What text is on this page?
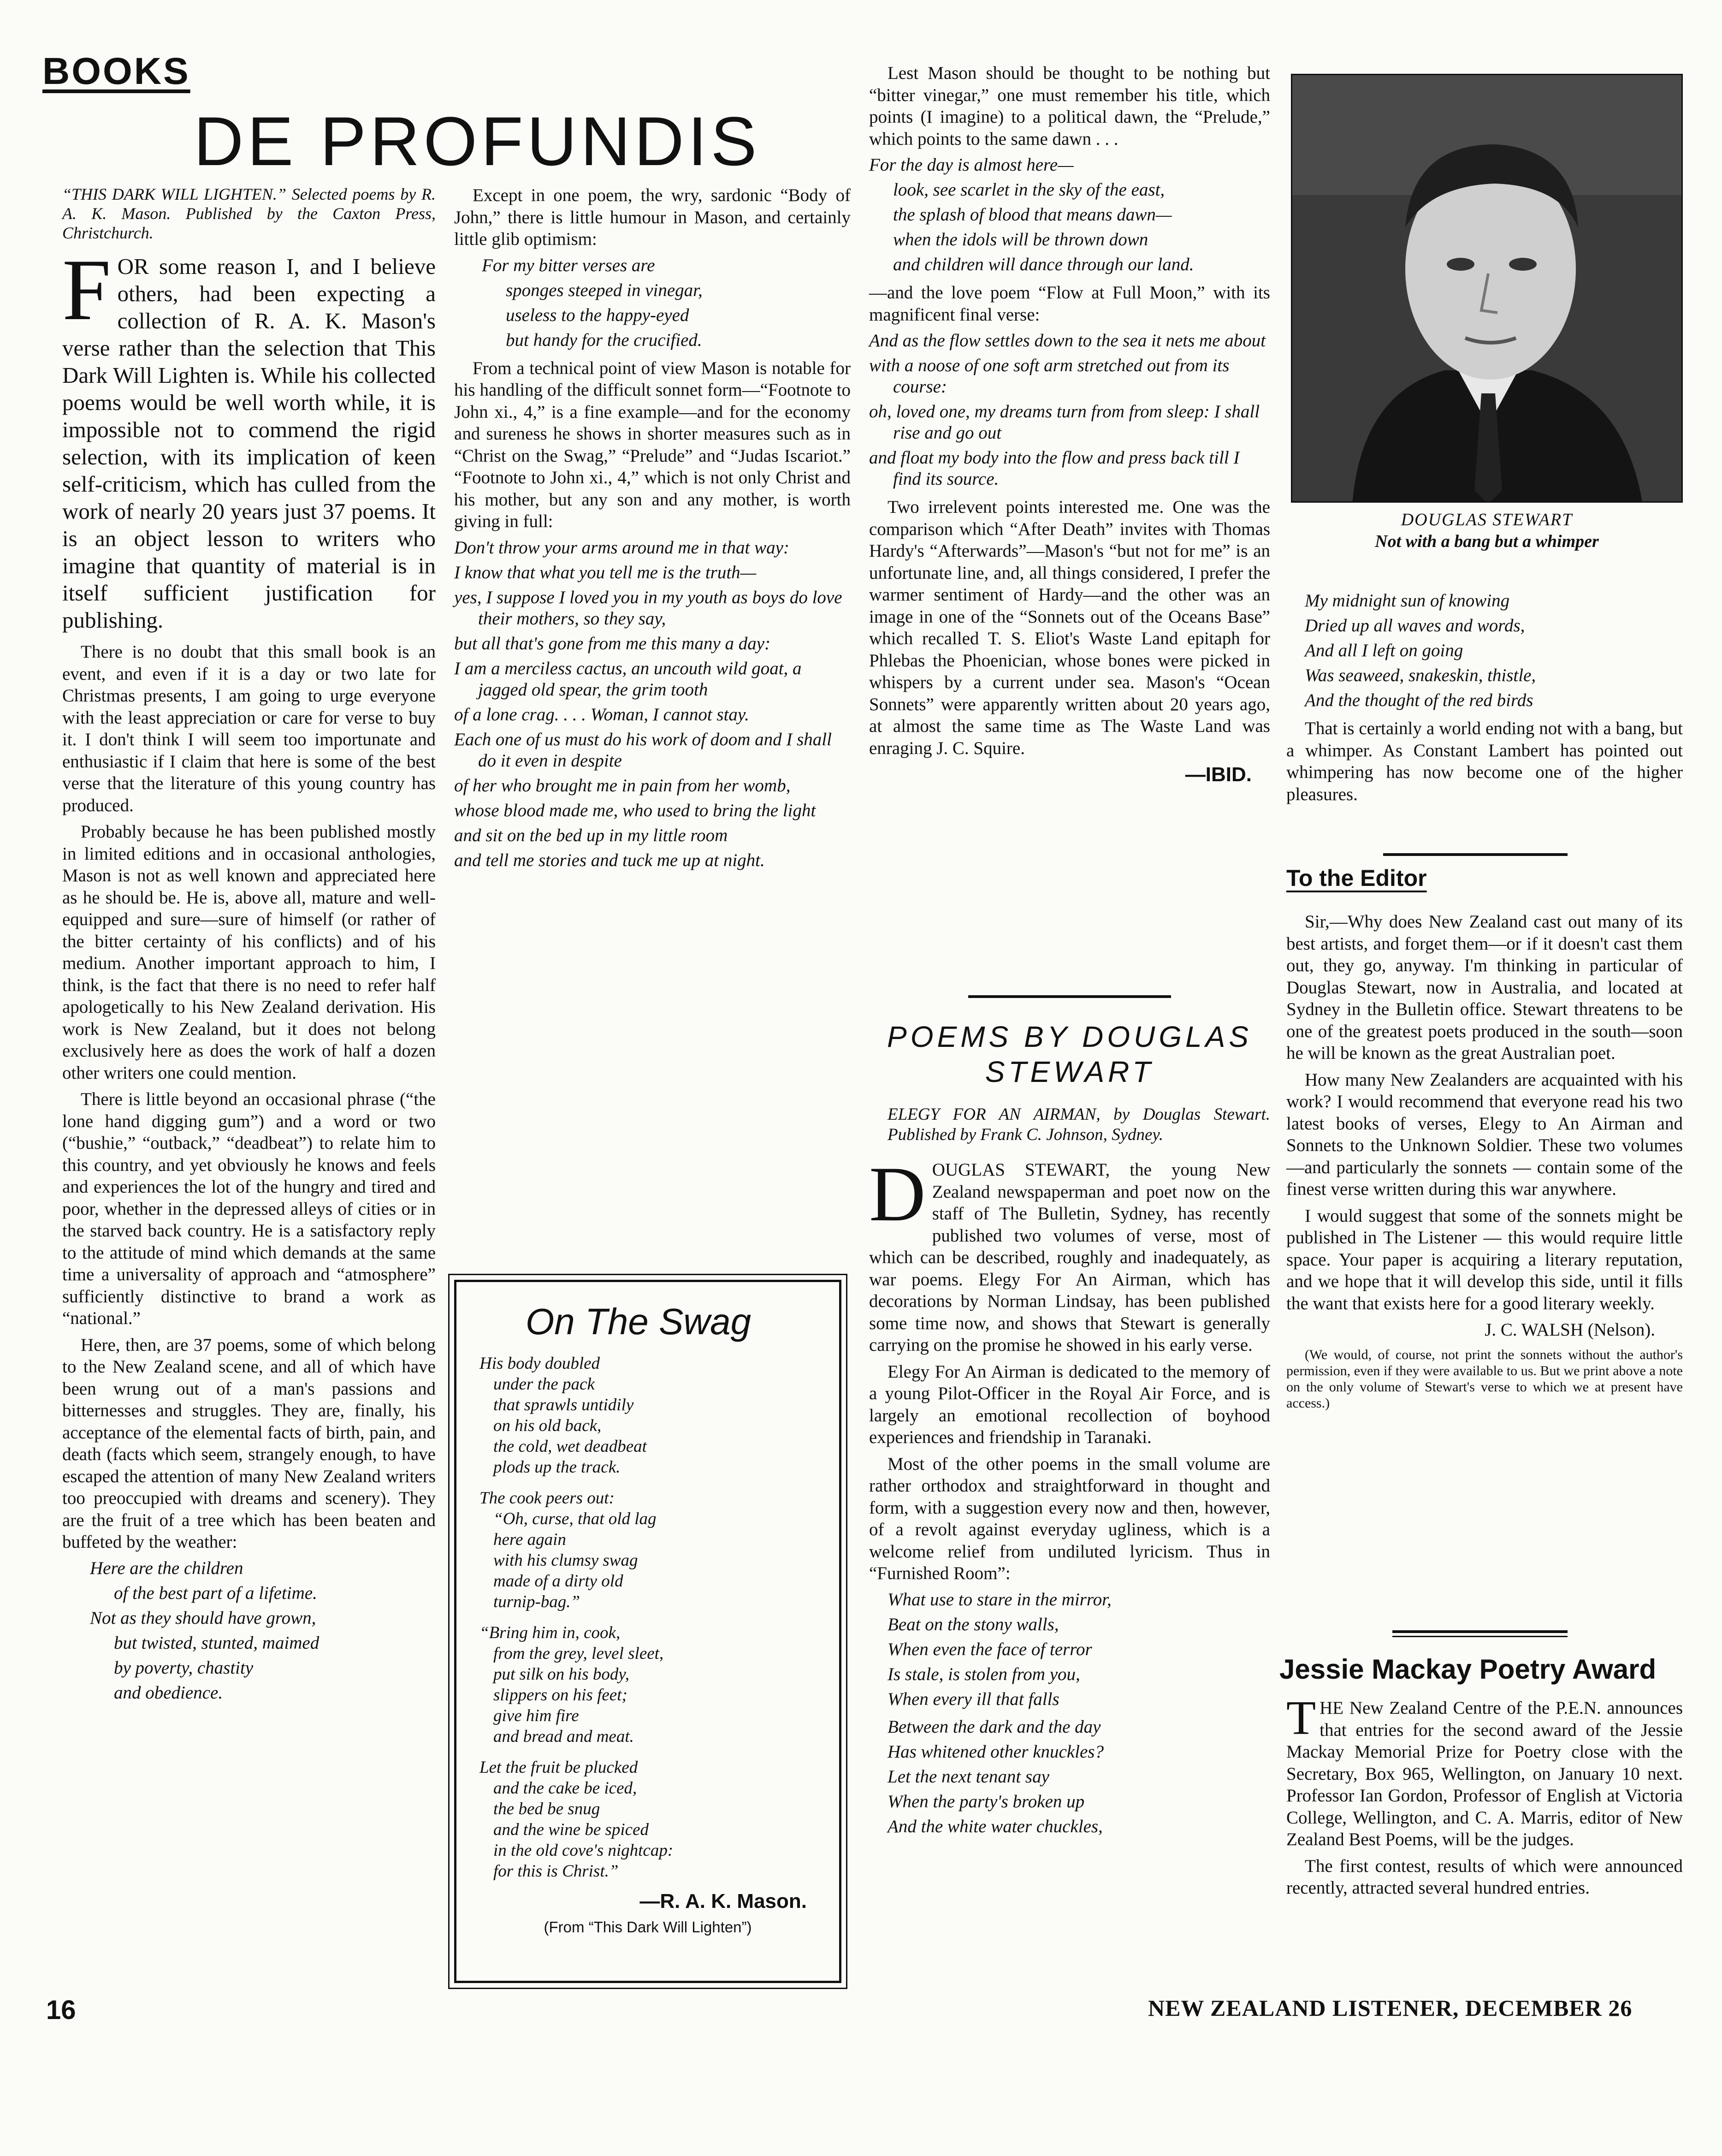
BOOKS
DE PROFUNDIS

“THIS DARK WILL LIGHTEN.” Selected poems by R. A. K. Mason. Published by the Caxton Press, Christchurch.

F OR some reason I, and I believe others, had been expecting a collection of R. A. K. Mason's verse rather than the selection that This Dark Will Lighten is. While his collected poems would be well worth while, it is impossible not to commend the rigid selection, with its implication of keen self-criticism, which has culled from the work of nearly 20 years just 37 poems. It is an object lesson to writers who imagine that quantity of material is in itself sufficient justification for publishing.

There is no doubt that this small book is an event, and even if it is a day or two late for Christmas presents, I am going to urge everyone with the least appreciation or care for verse to buy it. I don't think I will seem too importunate and enthusiastic if I claim that here is some of the best verse that the literature of this young country has produced.

Probably because he has been published mostly in limited editions and in occasional anthologies, Mason is not as well known and appreciated here as he should be. He is, above all, mature and well-equipped and sure—sure of himself (or rather of the bitter certainty of his conflicts) and of his medium. Another important approach to him, I think, is the fact that there is no need to refer half apologetically to his New Zealand derivation. His work is New Zealand, but it does not belong exclusively here as does the work of half a dozen other writers one could mention.

There is little beyond an occasional phrase (“the lone hand digging gum”) and a word or two (“bushie,” “outback,” “deadbeat”) to relate him to this country, and yet obviously he knows and feels and experiences the lot of the hungry and tired and poor, whether in the depressed alleys of cities or in the starved back country. He is a satisfactory reply to the attitude of mind which demands at the same time a universality of approach and “atmosphere” sufficiently distinctive to brand a work as “national.”

Here, then, are 37 poems, some of which belong to the New Zealand scene, and all of which have been wrung out of a man's passions and bitternesses and struggles. They are, finally, his acceptance of the elemental facts of birth, pain, and death (facts which seem, strangely enough, to have escaped the attention of many New Zealand writers too preoccupied with dreams and scenery). They are the fruit of a tree which has been beaten and buffeted by the weather:

Here are the children
of the best part of a lifetime.
Not as they should have grown,
but twisted, stunted, maimed
by poverty, chastity
and obedience.

Except in one poem, the wry, sardonic “Body of John,” there is little humour in Mason, and certainly little glib optimism:

For my bitter verses are
sponges steeped in vinegar,
useless to the happy-eyed
but handy for the crucified.

From a technical point of view Mason is notable for his handling of the difficult sonnet form—“Footnote to John xi., 4,” is a fine example—and for the economy and sureness he shows in shorter measures such as in “Christ on the Swag,” “Prelude” and “Judas Iscariot.” “Footnote to John xi., 4,” which is not only Christ and his mother, but any son and any mother, is worth giving in full:

Don't throw your arms around me in that way:
I know that what you tell me is the truth—
yes, I suppose I loved you in my youth as boys do love their mothers, so they say,
but all that's gone from me this many a day:
I am a merciless cactus, an uncouth wild goat, a jagged old spear, the grim tooth
of a lone crag. . . . Woman, I cannot stay.
Each one of us must do his work of doom and I shall do it even in despite
of her who brought me in pain from her womb,
whose blood made me, who used to bring the light
and sit on the bed up in my little room
and tell me stories and tuck me up at night.
On The Swag
His body doubled
under the pack
that sprawls untidily
on his old back,
the cold, wet deadbeat
plods up the track.
The cook peers out:
“Oh, curse, that old lag
here again
with his clumsy swag
made of a dirty old
turnip-bag.”
“Bring him in, cook,
from the grey, level sleet,
put silk on his body,
slippers on his feet;
give him fire
and bread and meat.
Let the fruit be plucked
and the cake be iced,
the bed be snug
and the wine be spiced
in the old cove's nightcap:
for this is Christ.”
—R. A. K. Mason.
(From “This Dark Will Lighten”)

Lest Mason should be thought to be nothing but “bitter vinegar,” one must remember his title, which points (I imagine) to a political dawn, the “Prelude,” which points to the same dawn . . .

For the day is almost here—
look, see scarlet in the sky of the east,
the splash of blood that means dawn—
when the idols will be thrown down
and children will dance through our land.

—and the love poem “Flow at Full Moon,” with its magnificent final verse:

And as the flow settles down to the sea it nets me about
with a noose of one soft arm stretched out from its course:
oh, loved one, my dreams turn from from sleep: I shall rise and go out
and float my body into the flow and press back till I find its source.

Two irrelevent points interested me. One was the comparison which “After Death” invites with Thomas Hardy's “Afterwards”—Mason's “but not for me” is an unfortunate line, and, all things considered, I prefer the warmer sentiment of Hardy—and the other was an image in one of the “Sonnets out of the Oceans Base” which recalled T. S. Eliot's Waste Land epitaph for Phlebas the Phoenician, whose bones were picked in whispers by a current under sea. Mason's “Ocean Sonnets” were apparently written about 20 years ago, at almost the same time as The Waste Land was enraging J. C. Squire.

—IBID.
POEMS BY DOUGLAS STEWART

ELEGY FOR AN AIRMAN, by Douglas Stewart. Published by Frank C. Johnson, Sydney.

D OUGLAS STEWART, the young New Zealand newspaperman and poet now on the staff of The Bulletin, Sydney, has recently published two volumes of verse, most of which can be described, roughly and inadequately, as war poems. Elegy For An Airman, which has decorations by Norman Lindsay, has been published some time now, and shows that Stewart is generally carrying on the promise he showed in his early verse.

Elegy For An Airman is dedicated to the memory of a young Pilot-Officer in the Royal Air Force, and is largely an emotional recollection of boyhood experiences and friendship in Taranaki.

Most of the other poems in the small volume are rather orthodox and straightforward in thought and form, with a suggestion every now and then, however, of a revolt against everyday ugliness, which is a welcome relief from undiluted lyricism. Thus in “Furnished Room”:

What use to stare in the mirror,
Beat on the stony walls,
When even the face of terror
Is stale, is stolen from you,
When every ill that falls
Between the dark and the day
Has whitened other knuckles?
Let the next tenant say
When the party's broken up
And the white water chuckles,
DOUGLAS STEWART
Not with a bang but a whimper
My midnight sun of knowing
Dried up all waves and words,
And all I left on going
Was seaweed, snakeskin, thistle,
And the thought of the red birds

That is certainly a world ending not with a bang, but a whimper. As Constant Lambert has pointed out whimpering has now become one of the higher pleasures.

To the Editor

Sir,—Why does New Zealand cast out many of its best artists, and forget them—or if it doesn't cast them out, they go, anyway. I'm thinking in particular of Douglas Stewart, now in Australia, and located at Sydney in the Bulletin office. Stewart threatens to be one of the greatest poets produced in the south—soon he will be known as the great Australian poet.

How many New Zealanders are acquainted with his work? I would recommend that everyone read his two latest books of verses, Elegy to An Airman and Sonnets to the Unknown Soldier. These two volumes—and particularly the sonnets — contain some of the finest verse written during this war anywhere.

I would suggest that some of the sonnets might be published in The Listener — this would require little space. Your paper is acquiring a literary reputation, and we hope that it will develop this side, until it fills the want that exists here for a good literary weekly.

J. C. WALSH (Nelson).

(We would, of course, not print the sonnets without the author's permission, even if they were available to us. But we print above a note on the only volume of Stewart's verse to which we at present have access.)

Jessie Mackay Poetry Award
T HE New Zealand Centre of the P.E.N. announces that entries for the second award of the Jessie Mackay Memorial Prize for Poetry close with the Secretary, Box 965, Wellington, on January 10 next. Professor Ian Gordon, Professor of English at Victoria College, Wellington, and C. A. Marris, editor of New Zealand Best Poems, will be the judges.

The first contest, results of which were announced recently, attracted several hundred entries.

16	NEW ZEALAND LISTENER, DECEMBER 26
